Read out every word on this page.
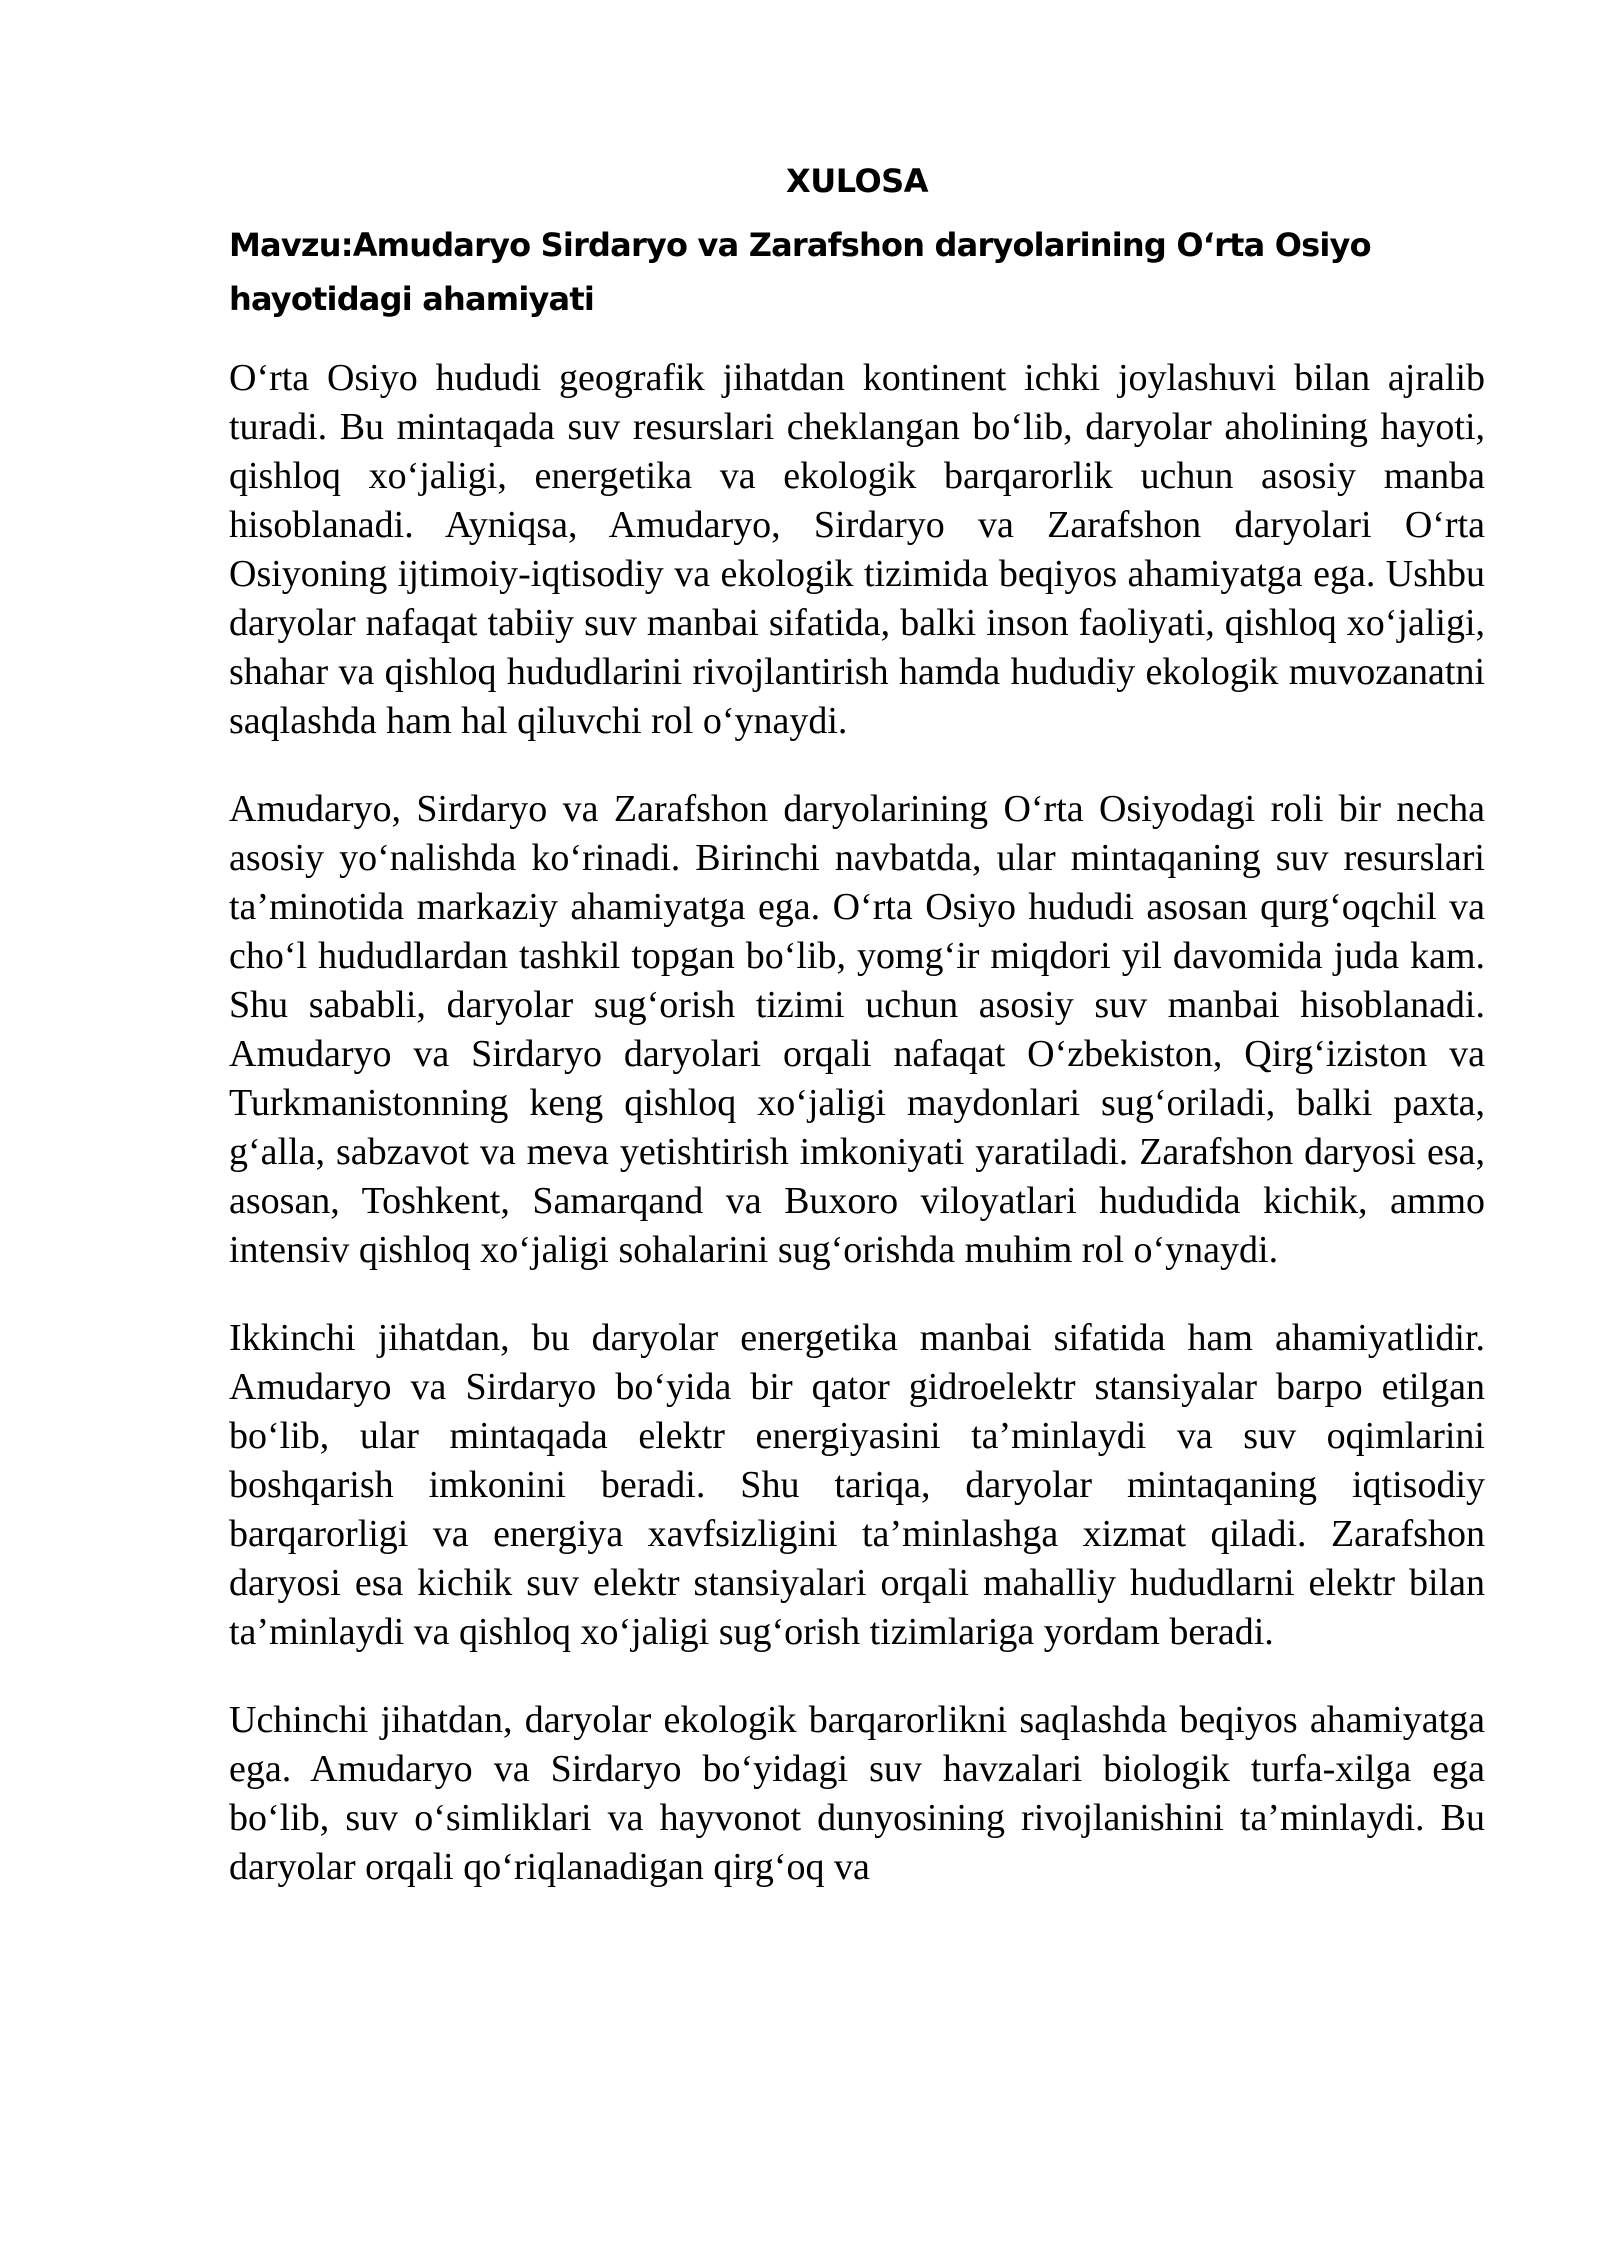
XULOSA
Mavzu:Amudaryo Sirdaryo va Zarafshon daryolarining O‘rta Osiyo hayotidagi ahamiyati

O‘rta Osiyo hududi geografik jihatdan kontinent ichki joylashuvi bilan ajralib turadi. Bu mintaqada suv resurslari cheklangan bo‘lib, daryolar aholining hayoti, qishloq xo‘jaligi, energetika va ekologik barqarorlik uchun asosiy manba hisoblanadi. Ayniqsa, Amudaryo, Sirdaryo va Zarafshon daryolari O‘rta Osiyoning ijtimoiy-iqtisodiy va ekologik tizimida beqiyos ahamiyatga ega. Ushbu daryolar nafaqat tabiiy suv manbai sifatida, balki inson faoliyati, qishloq xo‘jaligi, shahar va qishloq hududlarini rivojlantirish hamda hududiy ekologik muvozanatni saqlashda ham hal qiluvchi rol o‘ynaydi.

Amudaryo, Sirdaryo va Zarafshon daryolarining O‘rta Osiyodagi roli bir necha asosiy yo‘nalishda ko‘rinadi. Birinchi navbatda, ular mintaqaning suv resurslari ta’minotida markaziy ahamiyatga ega. O‘rta Osiyo hududi asosan qurg‘oqchil va cho‘l hududlardan tashkil topgan bo‘lib, yomg‘ir miqdori yil davomida juda kam. Shu sababli, daryolar sug‘orish tizimi uchun asosiy suv manbai hisoblanadi. Amudaryo va Sirdaryo daryolari orqali nafaqat O‘zbekiston, Qirg‘iziston va Turkmanistonning keng qishloq xo‘jaligi maydonlari sug‘oriladi, balki paxta, g‘alla, sabzavot va meva yetishtirish imkoniyati yaratiladi. Zarafshon daryosi esa, asosan, Toshkent, Samarqand va Buxoro viloyatlari hududida kichik, ammo intensiv qishloq xo‘jaligi sohalarini sug‘orishda muhim rol o‘ynaydi.

Ikkinchi jihatdan, bu daryolar energetika manbai sifatida ham ahamiyatlidir. Amudaryo va Sirdaryo bo‘yida bir qator gidroelektr stansiyalar barpo etilgan bo‘lib, ular mintaqada elektr energiyasini ta’minlaydi va suv oqimlarini boshqarish imkonini beradi. Shu tariqa, daryolar mintaqaning iqtisodiy barqarorligi va energiya xavfsizligini ta’minlashga xizmat qiladi. Zarafshon daryosi esa kichik suv elektr stansiyalari orqali mahalliy hududlarni elektr bilan ta’minlaydi va qishloq xo‘jaligi sug‘orish tizimlariga yordam beradi.

Uchinchi jihatdan, daryolar ekologik barqarorlikni saqlashda beqiyos ahamiyatga ega. Amudaryo va Sirdaryo bo‘yidagi suv havzalari biologik turfa-xilga ega bo‘lib, suv o‘simliklari va hayvonot dunyosining rivojlanishini ta’minlaydi. Bu daryolar orqali qo‘riqlanadigan qirg‘oq va
